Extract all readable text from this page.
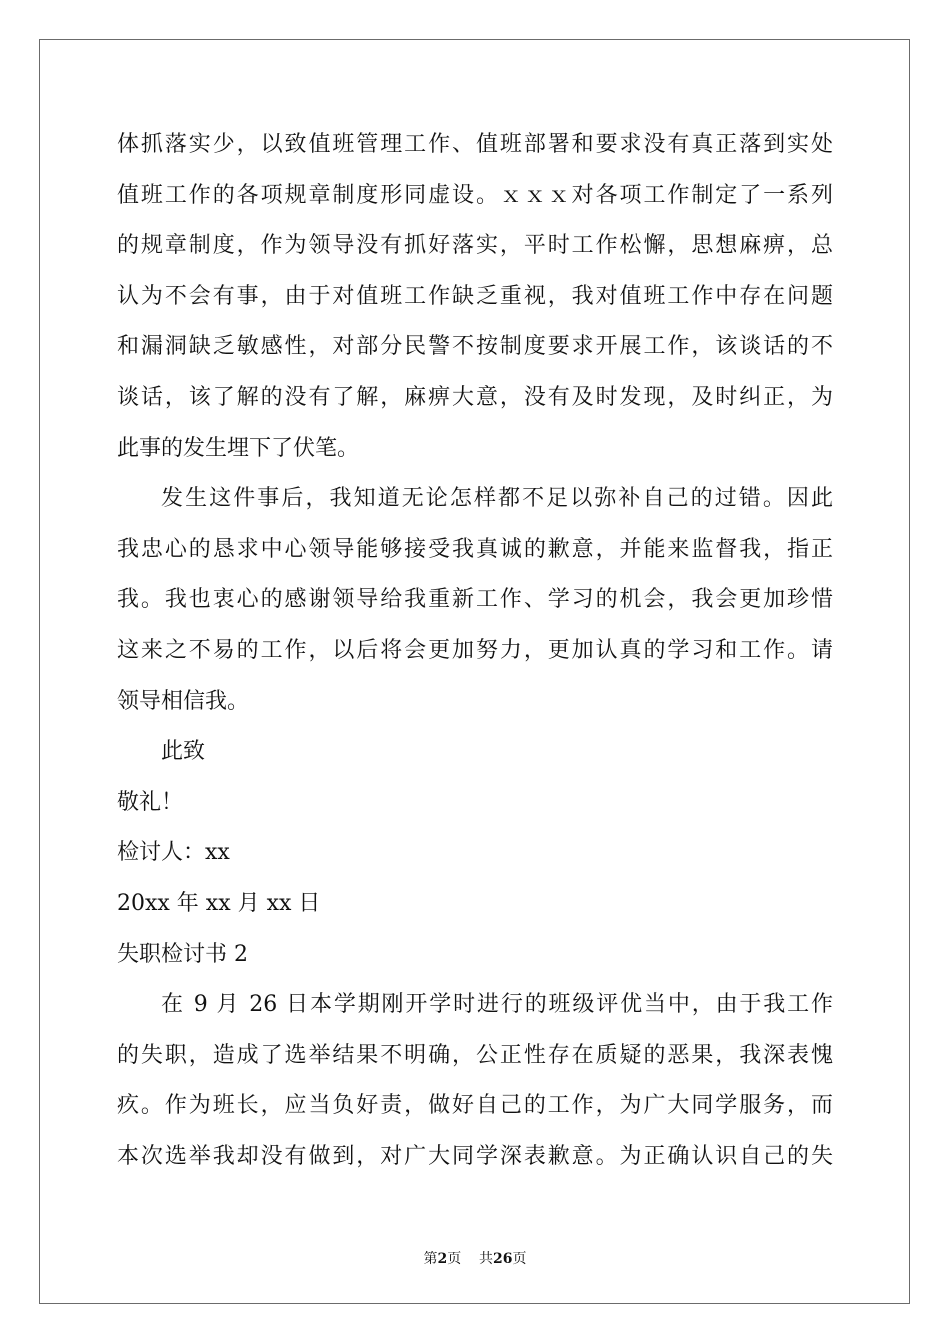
体抓落实少，以致值班管理工作、值班部署和要求没有真正落到实处
值班工作的各项规章制度形同虚设。ｘｘｘ对各项工作制定了一系列
的规章制度，作为领导没有抓好落实，平时工作松懈，思想麻痹，总
认为不会有事，由于对值班工作缺乏重视，我对值班工作中存在问题
和漏洞缺乏敏感性，对部分民警不按制度要求开展工作，该谈话的不
谈话，该了解的没有了解，麻痹大意，没有及时发现，及时纠正，为
此事的发生埋下了伏笔。
发生这件事后，我知道无论怎样都不足以弥补自己的过错。因此
我忠心的恳求中心领导能够接受我真诚的歉意，并能来监督我，指正
我。我也衷心的感谢领导给我重新工作、学习的机会，我会更加珍惜
这来之不易的工作，以后将会更加努力，更加认真的学习和工作。请
领导相信我。
此致
敬礼！
检讨人：xx
20xx 年 xx 月 xx 日
失职检讨书 2
在 9 月 26 日本学期刚开学时进行的班级评优当中，由于我工作
的失职，造成了选举结果不明确，公正性存在质疑的恶果，我深表愧
疚。作为班长，应当负好责，做好自己的工作，为广大同学服务，而
本次选举我却没有做到，对广大同学深表歉意。为正确认识自己的失
第2页 共26页
